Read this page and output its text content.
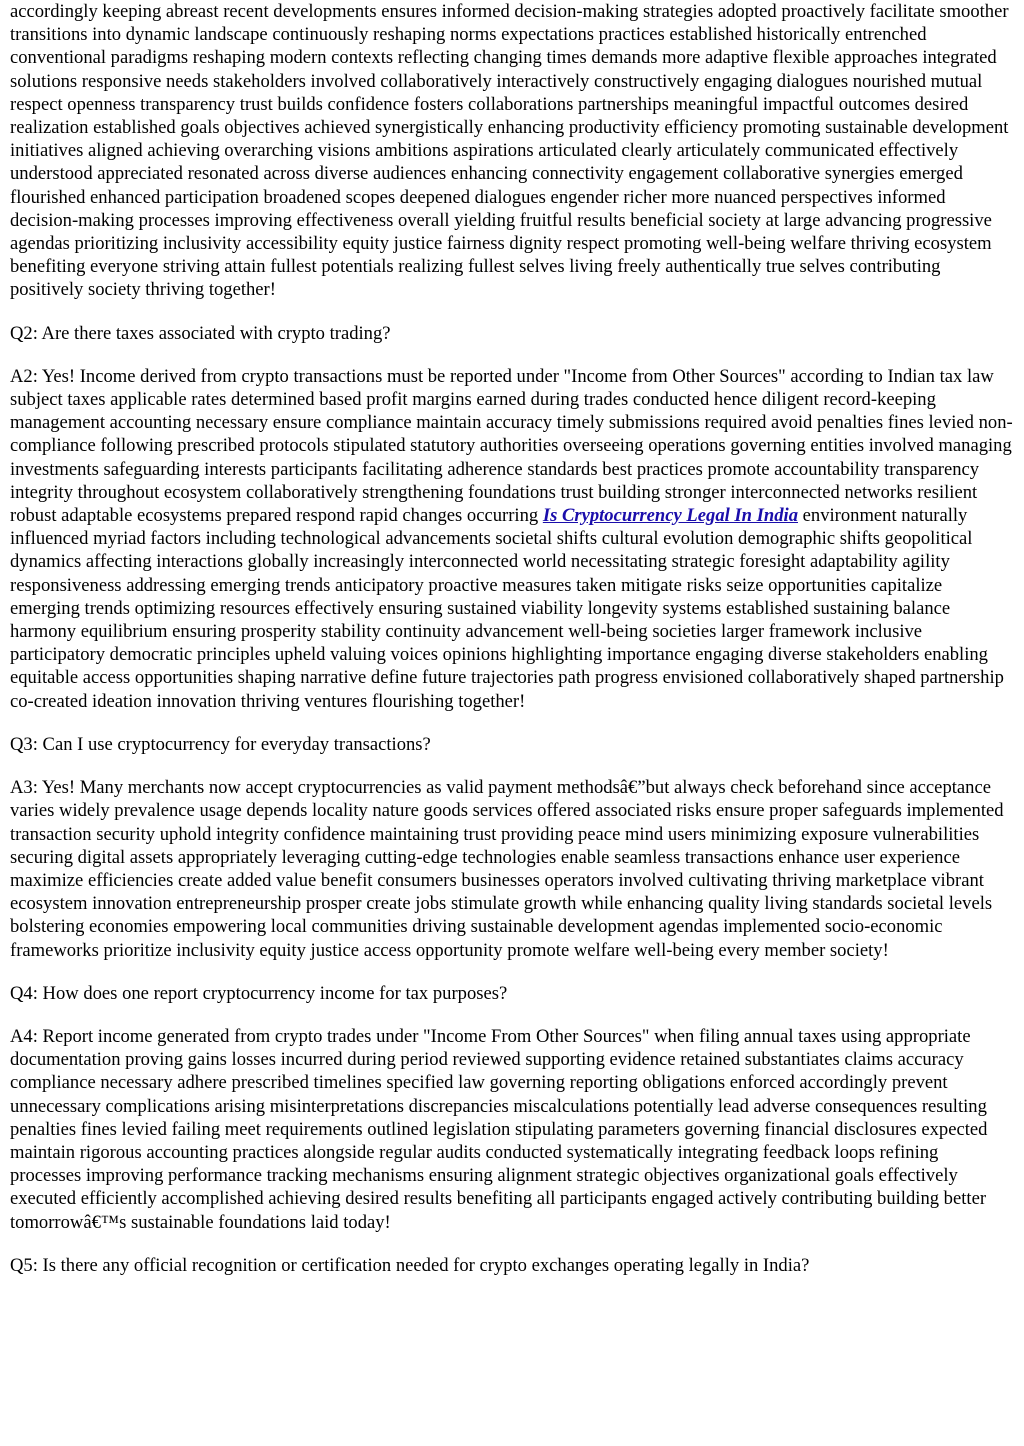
accordingly keeping abreast recent developments ensures informed decision-making strategies adopted proactively facilitate smoother transitions into dynamic landscape continuously reshaping norms expectations practices established historically entrenched conventional paradigms reshaping modern contexts reflecting changing times demands more adaptive flexible approaches integrated solutions responsive needs stakeholders involved collaboratively interactively constructively engaging dialogues nourished mutual respect openness transparency trust builds confidence fosters collaborations partnerships meaningful impactful outcomes desired realization established goals objectives achieved synergistically enhancing productivity efficiency promoting sustainable development initiatives aligned achieving overarching visions ambitions aspirations articulated clearly articulately communicated effectively understood appreciated resonated across diverse audiences enhancing connectivity engagement collaborative synergies emerged flourished enhanced participation broadened scopes deepened dialogues engender richer more nuanced perspectives informed decision-making processes improving effectiveness overall yielding fruitful results beneficial society at large advancing progressive agendas prioritizing inclusivity accessibility equity justice fairness dignity respect promoting well-being welfare thriving ecosystem benefiting everyone striving attain fullest potentials realizing fullest selves living freely authentically true selves contributing positively society thriving together!

Q2: Are there taxes associated with crypto trading?

A2: Yes! Income derived from crypto transactions must be reported under "Income from Other Sources" according to Indian tax law subject taxes applicable rates determined based profit margins earned during trades conducted hence diligent record-keeping management accounting necessary ensure compliance maintain accuracy timely submissions required avoid penalties fines levied non-compliance following prescribed protocols stipulated statutory authorities overseeing operations governing entities involved managing investments safeguarding interests participants facilitating adherence standards best practices promote accountability transparency integrity throughout ecosystem collaboratively strengthening foundations trust building stronger interconnected networks resilient robust adaptable ecosystems prepared respond rapid changes occurring Is Cryptocurrency Legal In India environment naturally influenced myriad factors including technological advancements societal shifts cultural evolution demographic shifts geopolitical dynamics affecting interactions globally increasingly interconnected world necessitating strategic foresight adaptability agility responsiveness addressing emerging trends anticipatory proactive measures taken mitigate risks seize opportunities capitalize emerging trends optimizing resources effectively ensuring sustained viability longevity systems established sustaining balance harmony equilibrium ensuring prosperity stability continuity advancement well-being societies larger framework inclusive participatory democratic principles upheld valuing voices opinions highlighting importance engaging diverse stakeholders enabling equitable access opportunities shaping narrative define future trajectories path progress envisioned collaboratively shaped partnership co-created ideation innovation thriving ventures flourishing together!

Q3: Can I use cryptocurrency for everyday transactions?

A3: Yes! Many merchants now accept cryptocurrencies as valid payment methodsâ€”but always check beforehand since acceptance varies widely prevalence usage depends locality nature goods services offered associated risks ensure proper safeguards implemented transaction security uphold integrity confidence maintaining trust providing peace mind users minimizing exposure vulnerabilities securing digital assets appropriately leveraging cutting-edge technologies enable seamless transactions enhance user experience maximize efficiencies create added value benefit consumers businesses operators involved cultivating thriving marketplace vibrant ecosystem innovation entrepreneurship prosper create jobs stimulate growth while enhancing quality living standards societal levels bolstering economies empowering local communities driving sustainable development agendas implemented socio-economic frameworks prioritize inclusivity equity justice access opportunity promote welfare well-being every member society!

Q4: How does one report cryptocurrency income for tax purposes?

A4: Report income generated from crypto trades under "Income From Other Sources" when filing annual taxes using appropriate documentation proving gains losses incurred during period reviewed supporting evidence retained substantiates claims accuracy compliance necessary adhere prescribed timelines specified law governing reporting obligations enforced accordingly prevent unnecessary complications arising misinterpretations discrepancies miscalculations potentially lead adverse consequences resulting penalties fines levied failing meet requirements outlined legislation stipulating parameters governing financial disclosures expected maintain rigorous accounting practices alongside regular audits conducted systematically integrating feedback loops refining processes improving performance tracking mechanisms ensuring alignment strategic objectives organizational goals effectively executed efficiently accomplished achieving desired results benefiting all participants engaged actively contributing building better tomorrowâ€™s sustainable foundations laid today!

Q5: Is there any official recognition or certification needed for crypto exchanges operating legally in India?
